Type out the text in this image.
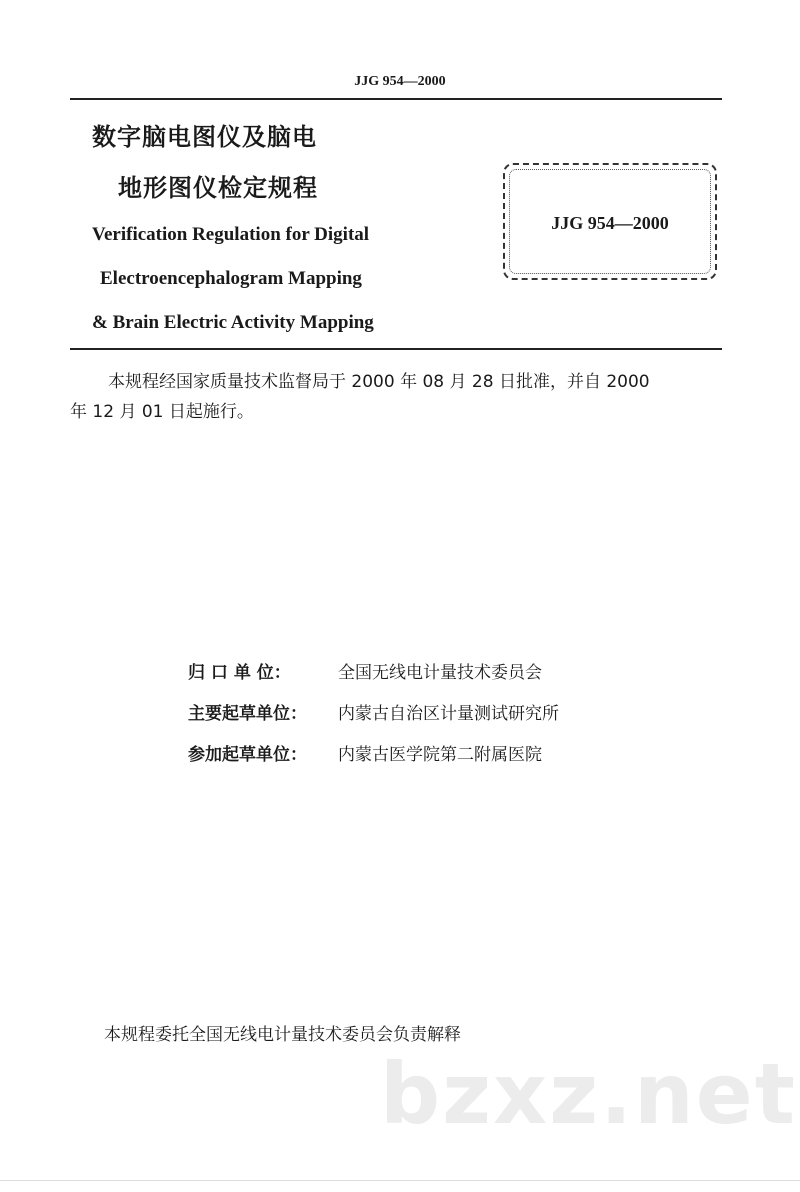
JJG 954—2000
数字脑电图仪及脑电
地形图仪检定规程
Verification Regulation for Digital
Electroencephalogram Mapping
& Brain Electric Activity Mapping
JJG 954—2000
本规程经国家质量技术监督局于 2000 年 08 月 28 日批准，并自 2000
年 12 月 01 日起施行。
归 口 单 位：	全国无线电计量技术委员会
主要起草单位： 内蒙古自治区计量测试研究所
参加起草单位： 内蒙古医学院第二附属医院
本规程委托全国无线电计量技术委员会负责解释
bzxz.net
